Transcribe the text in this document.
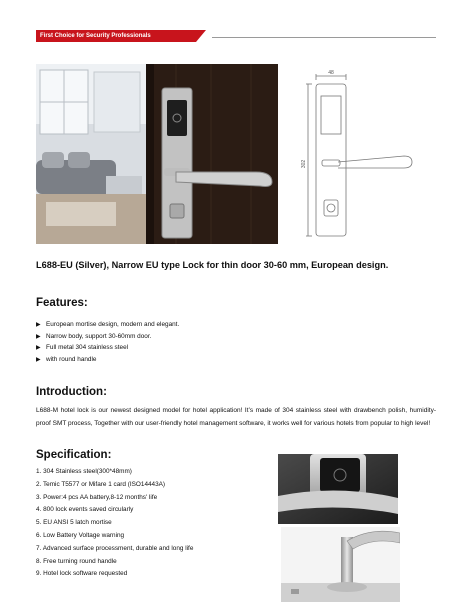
First Choice for Security Professionals
48
302
L688-EU (Silver), Narrow EU type Lock for thin door 30-60 mm, European design.
Features:
▶ European mortise design, modern and elegant.
▶ Narrow body, support 30-60mm door.
▶ Full metal 304 stainless steel
▶ with round handle
Introduction:
L688-M hotel lock is our newest designed model for hotel application! It’s made of 304 stainless steel with drawbench polish, humidity-proof SMT process, Together with our user-friendly hotel management software, it works well for various hotels from popular to high level!
Specification:
1. 304 Stainless steel(300*48mm)
2. Temic T5577 or Mifare 1 card (ISO14443A)
3. Power:4 pcs AA battery,8-12 months' life
4. 800 lock events saved circularly
5. EU ANSI 5 latch mortise
6. Low Battery Voltage warning
7. Advanced surface processment, durable and long life
8. Free turning round handle
9. Hotel lock software requested
